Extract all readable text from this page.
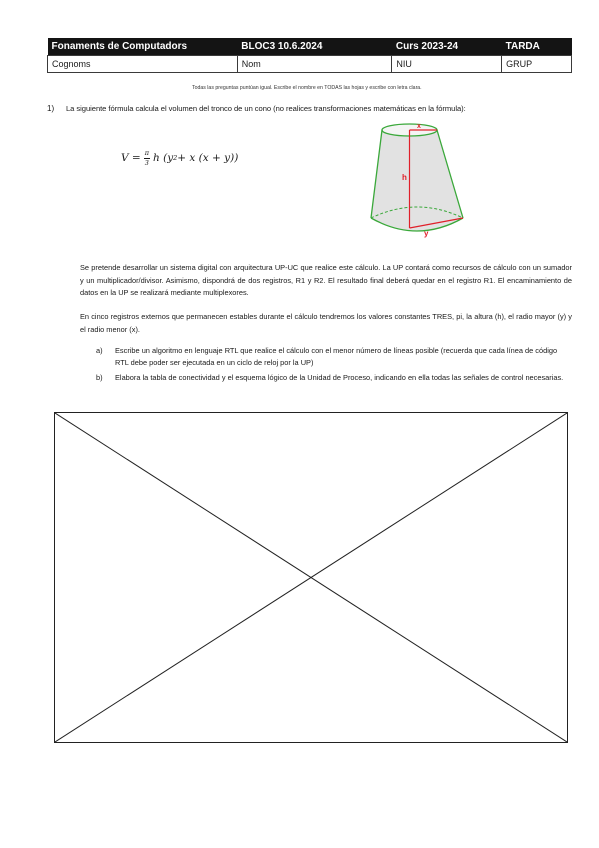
Fonaments de Computadors	BLOC3 10.6.2024	Curs 2023-24	TARDA
Cognoms	Nom	NIU	GRUP
Todas las preguntas puntúan igual. Escribe el nombre en TODAS las hojas y escribe con letra clara.
1) La siguiente fórmula calcula el volumen del tronco de un cono (no realices transformaciones matemáticas en la fórmula):
$V = \frac{\pi}{3}$ h
(y 2 + x (x + y))
x
h
y
Se pretende desarrollar un sistema digital con arquitectura UP-UC que realice este cálculo. La UP contará como recursos de cálculo con un sumador y un multiplicador/divisor. Asimismo, dispondrá de dos registros, R1 y R2. El resultado final deberá quedar en el registro R1. El encaminamiento de datos en la UP se realizará mediante multiplexores.
En cinco registros externos que permanecen estables durante el cálculo tendremos los valores constantes TRES, pi, la altura (h), el radio mayor (y) y el radio menor (x).
a) Escribe un algoritmo en lenguaje RTL que realice el cálculo con el menor número de líneas posible (recuerda que cada línea de código RTL debe poder ser ejecutada en un ciclo de reloj por la UP)
b) Elabora la tabla de conectividad y el esquema lógico de la Unidad de Proceso, indicando en ella todas las señales de control necesarias.
